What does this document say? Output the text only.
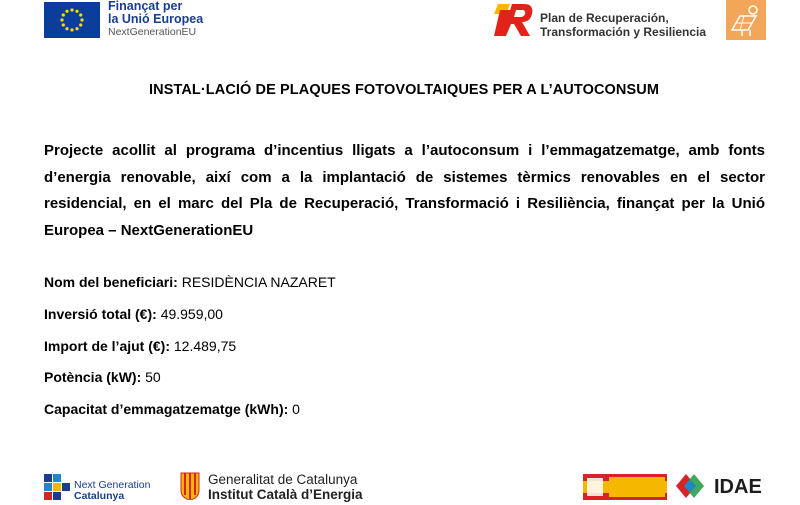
Finançat per
la Unió Europea
NextGenerationEU
Plan de Recuperación,
Transformación y Resiliencia
INSTAL·LACIÓ DE PLAQUES FOTOVOLTAIQUES PER A L’AUTOCONSUM
Projecte acollit al programa d’incentius lligats a l’autoconsum i l’emmagatzematge, amb fonts d’energia renovable, així com a la implantació de sistemes tèrmics renovables en el sector residencial, en el marc del Pla de Recuperació, Transformació i Resiliència, finançat per la Unió Europea – NextGenerationEU
Nom del beneficiari: RESIDÈNCIA NAZARET
Inversió total (€): 49.959,00
Import de l’ajut (€): 12.489,75
Potència (kW): 50
Capacitat d’emmagatzematge (kWh): 0
Next Generation
Catalunya
Generalitat de Catalunya
Institut Català d’Energia	IDAE
